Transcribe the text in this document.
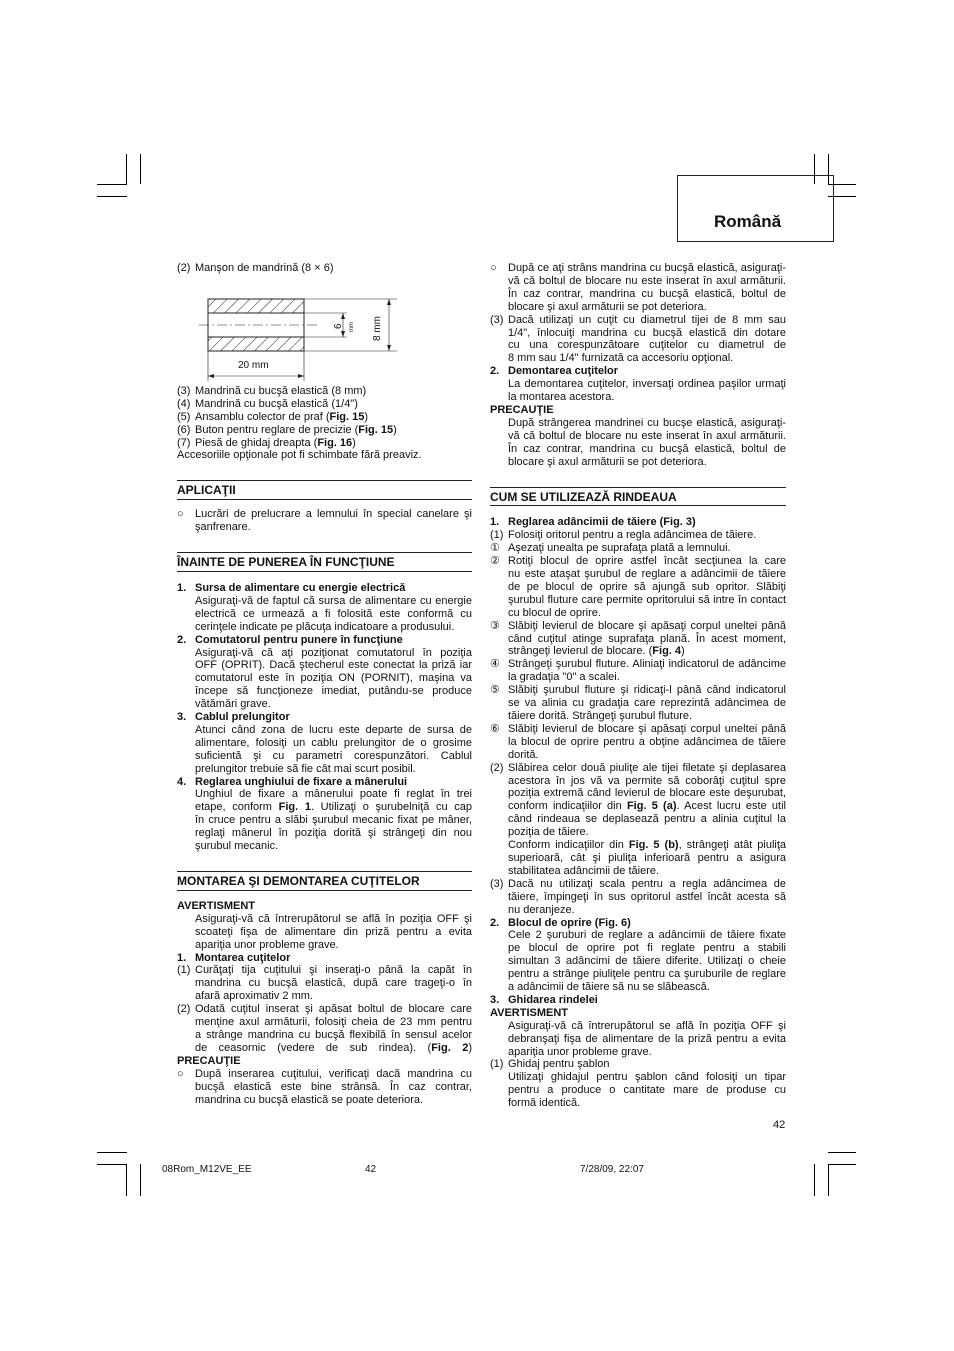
Română
(2) Manşon de mandrină (8 × 6)
20 mm
6 mm 8 mm
(3) Mandrină cu bucşă elastică (8 mm)
(4) Mandrină cu bucşă elastică (1/4")
(5) Ansamblu colector de praf (Fig. 15)
(6) Buton pentru reglare de precizie (Fig. 15)
(7) Piesă de ghidaj dreapta (Fig. 16)

Accesoriile opţionale pot fi schimbate fără preaviz.

APLICAŢII

○	Lucrări de prelucrare a lemnului în special canelare şi

şanfrenare.

ÎNAINTE DE PUNEREA ÎN FUNCŢIUNE

1. Sursa de alimentare cu energie electrică

Asiguraţi-vă de faptul că sursa de alimentare cu energie

electrică ce urmează a fi folosită este conformă cu

cerinţele indicate pe plăcuţa indicatoare a produsului.

2. Comutatorul pentru punere în funcţiune

Asiguraţi-vă că aţi poziţionat comutatorul în poziţia

OFF (OPRIT). Dacă ştecherul este conectat la priză iar

comutatorul este în poziţia ON (PORNIT), maşina va

începe să funcţioneze imediat, putându-se produce

vătămări grave.

3. Cablul prelungitor

Atunci când zona de lucru este departe de sursa de

alimentare, folosiţi un cablu prelungitor de o grosime

suficientă şi cu parametri corespunzători. Cablul

prelungitor trebuie să fie cât mai scurt posibil.

4. Reglarea unghiului de fixare a mânerului

Unghiul de fixare a mânerului poate fi reglat în trei

etape, conform Fig. 1. Utilizaţi o şurubelniţă cu cap

în cruce pentru a slăbi şurubul mecanic fixat pe mâner,

reglaţi mânerul în poziţia dorită şi strângeţi din nou

şurubul mecanic.

MONTAREA ŞI DEMONTAREA CUŢITELOR

AVERTISMENT

Asiguraţi-vă că întrerupătorul se află în poziţia OFF şi

scoateţi fişa de alimentare din priză pentru a evita

apariţia unor probleme grave.

1. Montarea cuţitelor
(1) Curăţaţi tija cuţitului şi inseraţi-o până la capăt în

mandrina cu bucşă elastică, după care trageţi-o în

afară aproximativ 2 mm.

(2) Odată cuţitul inserat şi apăsat boltul de blocare care

menţine axul armăturii, folosiţi cheia de 23 mm pentru

a strânge mandrina cu bucşă flexibilă în sensul acelor

de ceasornic (vedere de sub rindea). (Fig. 2)

PRECAUŢIE

○	După inserarea cuţitului, verificaţi dacă mandrina cu

bucşă elastică este bine strânsă. În caz contrar,

mandrina cu bucşă elastică se poate deteriora.

○	După ce aţi strâns mandrina cu bucşă elastică, asiguraţi-

vă că boltul de blocare nu este inserat în axul armăturii.

În caz contrar, mandrina cu bucşă elastică, boltul de

blocare şi axul armăturii se pot deteriora.

(3) Dacă utilizaţi un cuţit cu diametrul tijei de 8 mm sau

1/4", înlocuiţi mandrina cu bucşă elastică din dotare

cu una corespunzătoare cuţitelor cu diametrul de

8 mm sau 1/4" furnizată ca accesoriu opţional.

2. Demontarea cuţitelor

La demontarea cuţitelor, inversaţi ordinea paşilor urmaţi

la montarea acestora.

PRECAUŢIE

După strângerea mandrinei cu bucşe elastică, asiguraţi-

vă că boltul de blocare nu este inserat în axul armăturii.

În caz contrar, mandrina cu bucşă elastică, boltul de

blocare şi axul armăturii se pot deteriora.

CUM SE UTILIZEAZĂ RINDEAUA

1. Reglarea adâncimii de tăiere (Fig. 3)
(1) Folosiţi oritorul pentru a regla adâncimea de tăiere.
① Aşezaţi unealta pe suprafaţa plată a lemnului.
② Rotiţi blocul de oprire astfel încât secţiunea la care

nu este ataşat şurubul de reglare a adâncimii de tăiere

de pe blocul de oprire să ajungă sub opritor. Slăbiţi

şurubul fluture care permite opritorului să intre în contact

cu blocul de oprire.

③ Slăbiţi levierul de blocare şi apăsaţi corpul uneltei până

când cuţitul atinge suprafaţa plană. În acest moment,

strângeţi levierul de blocare. (Fig. 4)

④ Strângeţi şurubul fluture. Aliniaţi indicatorul de adâncime

la gradaţia "0" a scalei.

⑤ Slăbiţi şurubul fluture şi ridicaţi-l până când indicatorul

se va alinia cu gradaţia care reprezintă adâncimea de

tăiere dorită. Strângeţi şurubul fluture.

⑥ Slăbiţi levierul de blocare şi apăsaţi corpul uneltei până

la blocul de oprire pentru a obţine adâncimea de tăiere

dorită.

(2) Slăbirea celor două piuliţe ale tijei filetate şi deplasarea

acestora în jos vă va permite să coborâţi cuţitul spre

poziţia extremă când levierul de blocare este deşurubat,

conform indicaţiilor din Fig. 5 (a). Acest lucru este util

când rindeaua se deplasează pentru a alinia cuţitul la

poziţia de tăiere.

Conform indicaţiilor din Fig. 5 (b), strângeţi atât piuliţa

superioară, cât şi piuliţa inferioară pentru a asigura

stabilitatea adâncimii de tăiere.

(3) Dacă nu utilizaţi scala pentru a regla adâncimea de

tăiere, împingeţi în sus opritorul astfel încât acesta să

nu deranjeze.

2. Blocul de oprire (Fig. 6)

Cele 2 şuruburi de reglare a adâncimii de tăiere fixate

pe blocul de oprire pot fi reglate pentru a stabili

simultan 3 adâncimi de tăiere diferite. Utilizaţi o cheie

pentru a strânge piuliţele pentru ca şuruburile de reglare

a adâncimii de tăiere să nu se slăbească.

3. Ghidarea rindelei

AVERTISMENT

Asiguraţi-vă că întrerupătorul se află în poziţia OFF şi

debranşaţi fişa de alimentare de la priză pentru a evita

apariţia unor probleme grave.

(1) Ghidaj pentru şablon

Utilizaţi ghidajul pentru şablon când folosiţi un tipar

pentru a produce o cantitate mare de produse cu

formă identică.

42
08Rom_M12VE_EE	42	7/28/09, 22:07
